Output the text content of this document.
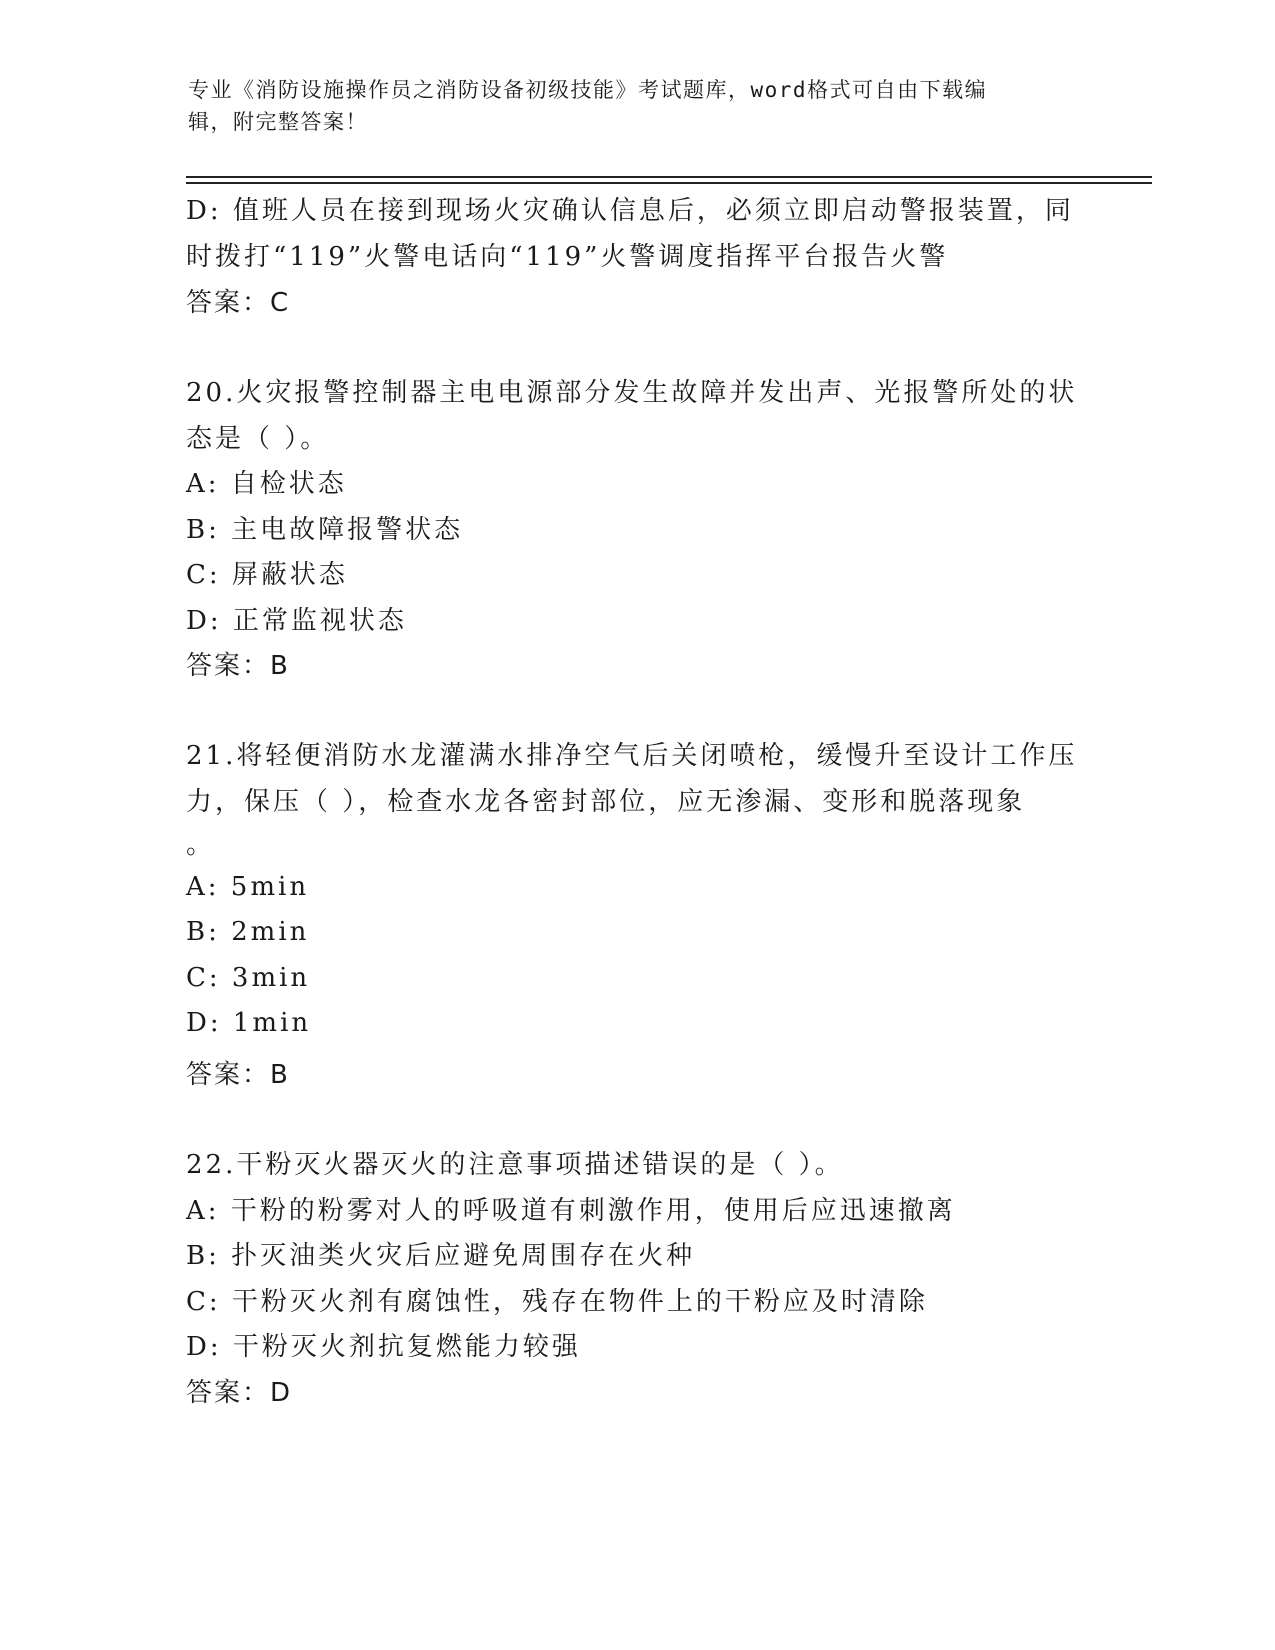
专业《消防设施操作员之消防设备初级技能》考试题库，word格式可自由下载编
辑，附完整答案！
D: 值班人员在接到现场火灾确认信息后，必须立即启动警报装置，同
时拨打“119”火警电话向“119”火警调度指挥平台报告火警
答案：C
20.火灾报警控制器主电电源部分发生故障并发出声、光报警所处的状
态是（ ）。
A: 自检状态
B: 主电故障报警状态
C: 屏蔽状态
D: 正常监视状态
答案：B
21.将轻便消防水龙灌满水排净空气后关闭喷枪，缓慢升至设计工作压
力，保压（ ），检查水龙各密封部位，应无渗漏、变形和脱落现象
。
A: 5min
B: 2min
C: 3min
D: 1min
答案：B
22.干粉灭火器灭火的注意事项描述错误的是（ ）。
A: 干粉的粉雾对人的呼吸道有刺激作用，使用后应迅速撤离
B: 扑灭油类火灾后应避免周围存在火种
C: 干粉灭火剂有腐蚀性，残存在物件上的干粉应及时清除
D: 干粉灭火剂抗复燃能力较强
答案：D
